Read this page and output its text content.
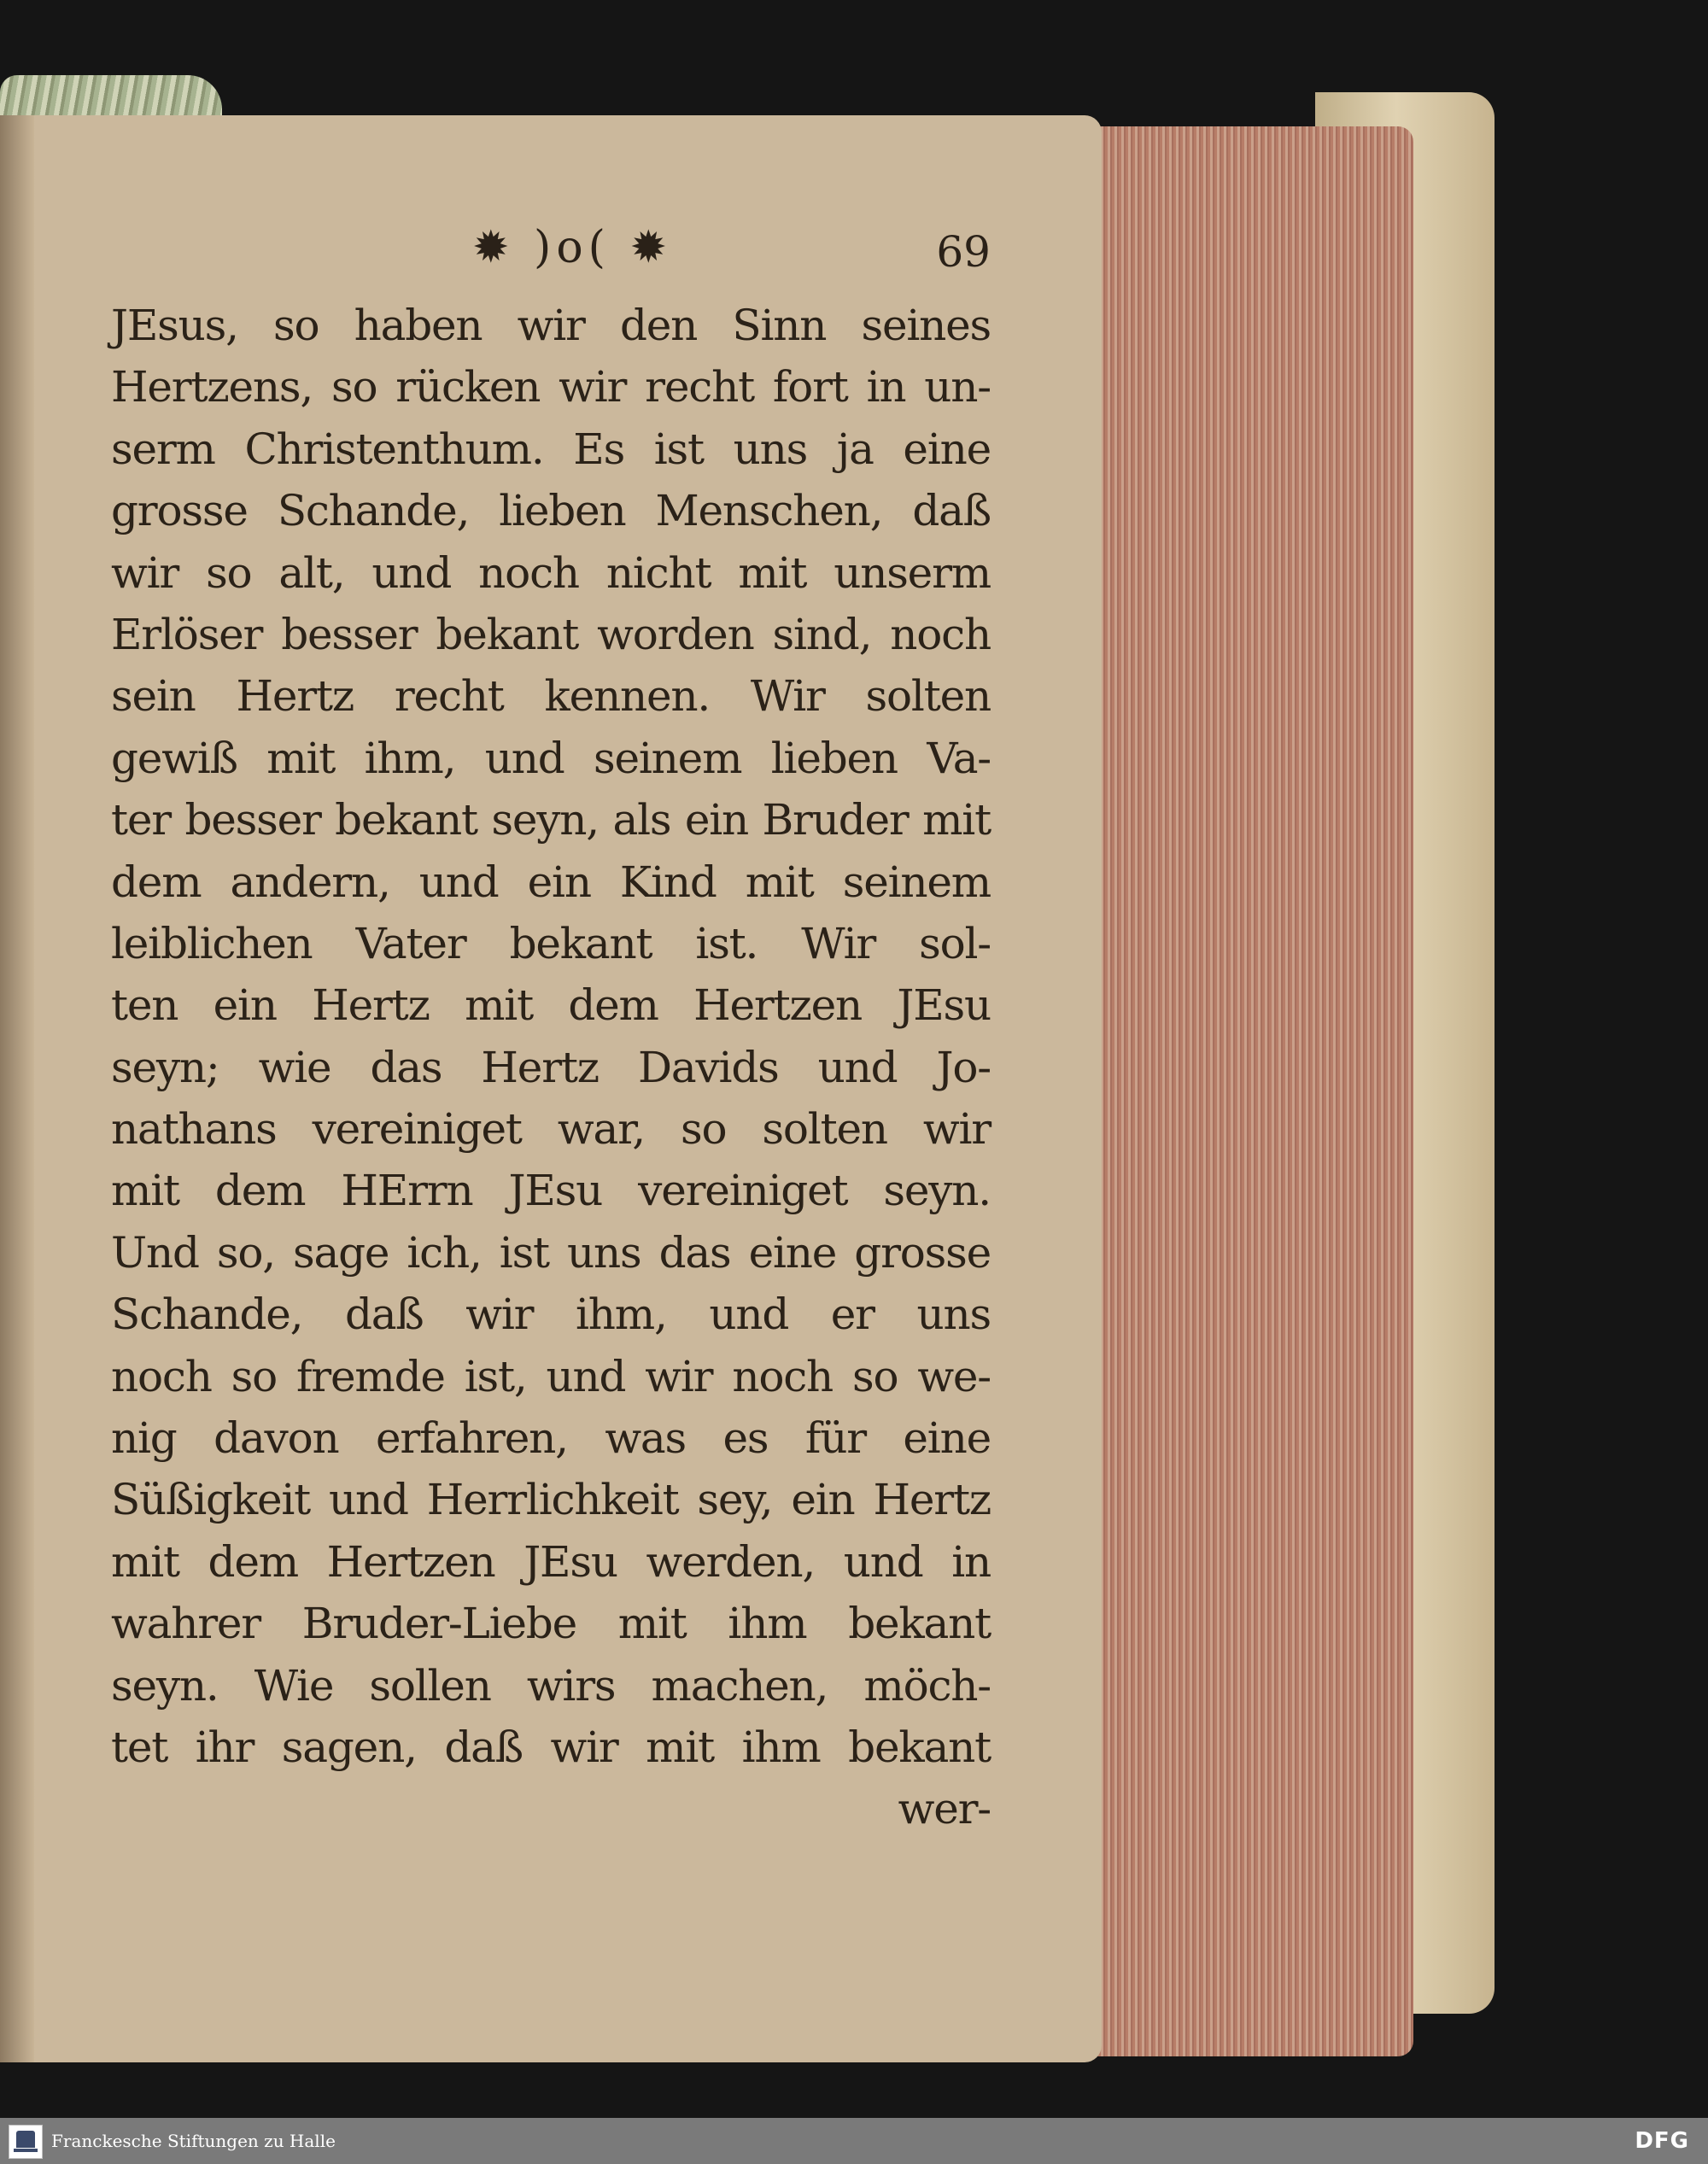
✹ )o( ✹	69
JEsus, so haben wir den Sinn seines
Hertzens, so rücken wir recht fort in un-
serm Christenthum. Es ist uns ja eine
grosse Schande, lieben Menschen, daß
wir so alt, und noch nicht mit unserm
Erlöser besser bekant worden sind, noch
sein Hertz recht kennen. Wir solten
gewiß mit ihm, und seinem lieben Va-
ter besser bekant seyn, als ein Bruder mit
dem andern, und ein Kind mit seinem
leiblichen Vater bekant ist. Wir sol-
ten ein Hertz mit dem Hertzen JEsu
seyn; wie das Hertz Davids und Jo-
nathans vereiniget war, so solten wir
mit dem HErrn JEsu vereiniget seyn.
Und so, sage ich, ist uns das eine grosse
Schande, daß wir ihm, und er uns
noch so fremde ist, und wir noch so we-
nig davon erfahren, was es für eine
Süßigkeit und Herrlichkeit sey, ein Hertz
mit dem Hertzen JEsu werden, und in
wahrer Bruder-Liebe mit ihm bekant
seyn. Wie sollen wirs machen, möch-
tet ihr sagen, daß wir mit ihm bekant
wer-
Franckesche Stiftungen zu Halle	DFG
